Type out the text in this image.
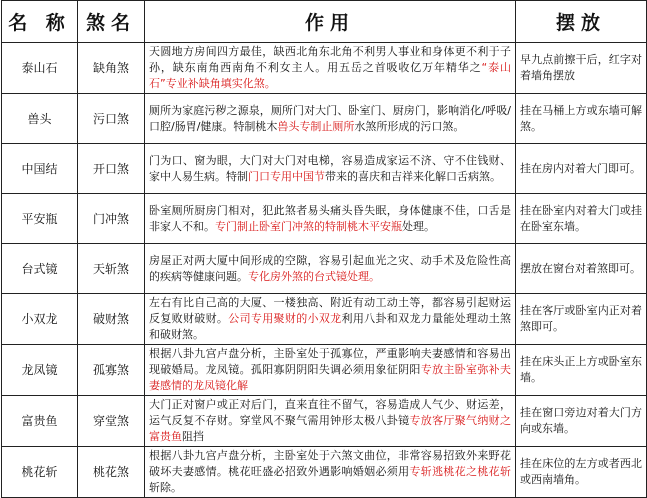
名 称	煞名	作用	摆放
泰山石	缺角煞	天圆地方房间四方最佳，缺西北角东北角不利男人事业和身体更不利于子孙，缺东南角西南角不利女主人。用五岳之首吸收亿万年精华之“泰山石”专业补缺角填实化煞。	早九点前擦干后，红字对着墙角摆放
兽头	污口煞	厕所为家庭污秽之源泉，厕所门对大门、卧室门、厨房门，影响消化/呼吸/口腔/肠胃/健康。特制桃木兽头专制止厕所水煞所形成的污口煞。	挂在马桶上方或东墙可解煞。
中国结	开口煞	门为口、窗为眼，大门对大门对电梯，容易造成家运不济、守不住钱财、家中人易生病。特制门口专用中国节带来的喜庆和吉祥来化解口舌病煞。	挂在房内对着大门即可。
平安瓶	门冲煞	卧室厕所厨房门相对，犯此煞者易头痛头昏失眠，身体健康不佳，口舌是非家人不和。专门制止卧室门冲煞的特制桃木平安瓶处理。	挂在卧室内对着大门或挂在卧室东墙。
台式镜	天斩煞	房屋正对两大厦中间形成的空隙，容易引起血光之灾、动手术及危险性高的疾病等健康问题。专化房外煞的台式镜处理。	摆放在窗台对着煞即可。
小双龙	破财煞	左右有比自己高的大厦、一楼独高、附近有动工动土等，都容易引起财运反复败财破财。公司专用聚财的小双龙利用八卦和双龙力量能处理动土煞和破财煞。	挂在客厅或卧室内正对着煞即可。
龙凤镜	孤寡煞	根据八卦九宫卢盘分析，主卧室处于孤寡位，严重影响夫妻感情和容易出现破婚局。龙凤镜。孤阳寡阴阴阳失调必须用象征阴阳专放主卧室弥补夫妻感情的龙凤镜化解	挂在床头正上方或卧室东墙。
富贵鱼	穿堂煞	大门正对窗户或正对后门，直来直往不留气，容易造成人气少、财运差，运气反复不存财。穿堂风不聚气需用钟形太极八卦镜专放客厅聚气纳财之富贵鱼阻挡	挂在窗口旁边对着大门方向或东墙。
桃花斩	桃花煞	根据八卦九宫卢盘分析，主卧室处于六煞文曲位，非常容易招致外来野花破坏夫妻感情。桃花旺盛必招致外遇影响婚姻必须用专斩逃桃花之桃花斩斩除。	挂在床位的左方或者西北或西南墙角。
